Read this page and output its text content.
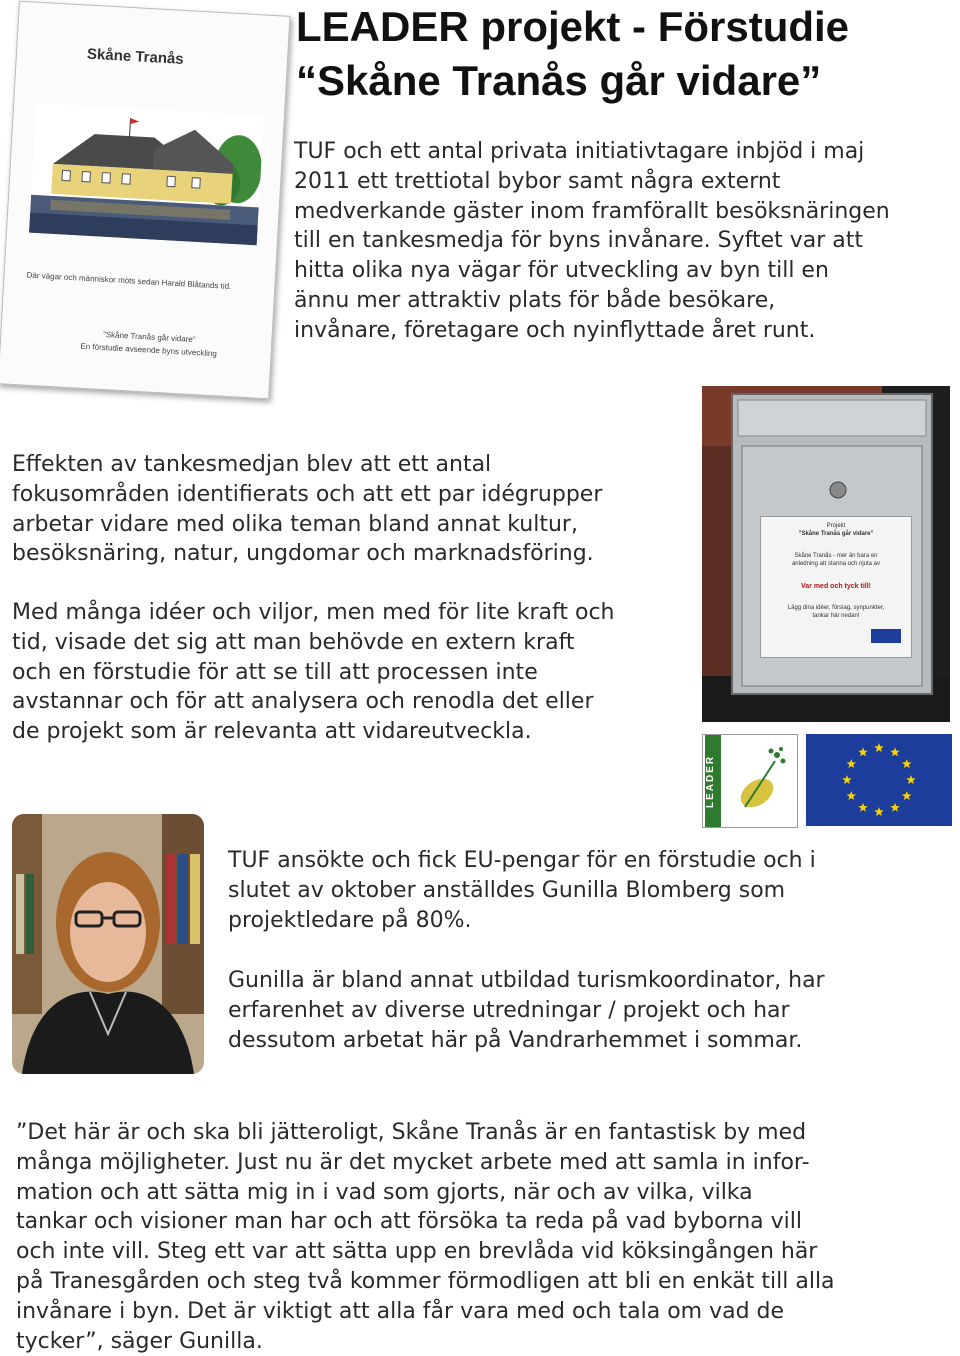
LEADER projekt - Förstudie
“Skåne Tranås går vidare”
Skåne Tranås
Där vägar och människor möts sedan Harald Blåtands tid.
”Skåne Tranås går vidare”
En förstudie avseende byns utveckling

TUF och ett antal privata initiativtagare inbjöd i maj

2011 ett trettiotal bybor samt några externt

medverkande gäster inom framförallt besöksnäringen

till en tankesmedja för byns invånare. Syftet var att

hitta olika nya vägar för utveckling av byn till en

ännu mer attraktiv plats för både besökare,

invånare, företagare och nyinflyttade året runt.

Effekten av tankesmedjan blev att ett antal

fokusområden identifierats och att ett par idégrupper

arbetar vidare med olika teman bland annat kultur,

besöksnäring, natur, ungdomar och marknadsföring.

Med många idéer och viljor, men med för lite kraft och

tid, visade det sig att man behövde en extern kraft

och en förstudie för att se till att processen inte

avstannar och för att analysera och renodla det eller

de projekt som är relevanta att vidareutveckla.

Projekt
”Skåne Tranås går vidare”
Skåne Tranås - mer än bara en
anledning att stanna och njuta av
Var med och tyck till!
Lägg dina idéer, förslag, synpunkter,
tankar här nedan!
LEADER

TUF ansökte och fick EU-pengar för en förstudie och i

slutet av oktober anställdes Gunilla Blomberg som

projektledare på 80%.

Gunilla är bland annat utbildad turismkoordinator, har

erfarenhet av diverse utredningar / projekt och har

dessutom arbetat här på Vandrarhemmet i sommar.

”Det här är och ska bli jätteroligt, Skåne Tranås är en fantastisk by med

många möjligheter. Just nu är det mycket arbete med att samla in infor-

mation och att sätta mig in i vad som gjorts, när och av vilka, vilka

tankar och visioner man har och att försöka ta reda på vad byborna vill

och inte vill. Steg ett var att sätta upp en brevlåda vid köksingången här

på Tranesgården och steg två kommer förmodligen att bli en enkät till alla

invånare i byn. Det är viktigt att alla får vara med och tala om vad de

tycker”, säger Gunilla.
